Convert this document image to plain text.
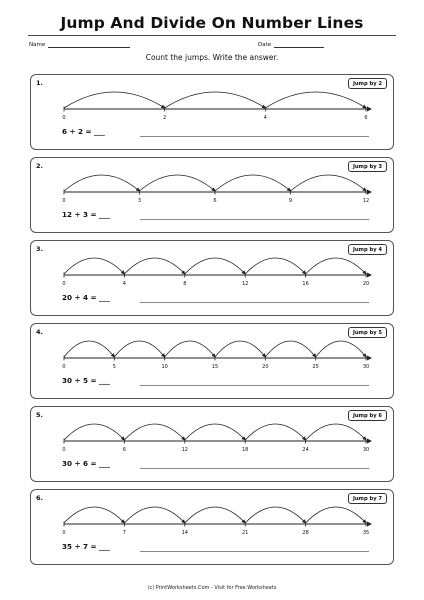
Jump And Divide On Number Lines
Name	Date
Count the jumps. Write the answer.
1.	Jump by 2
0	2	4	6
6 ÷ 2 = ___
2.	Jump by 3
0	3	6	9	12
12 ÷ 3 = ___
3.	Jump by 4
0	4	8	12	16	20
20 ÷ 4 = ___
4.	Jump by 5
0	5	10	15	20	25	30
30 ÷ 5 = ___
5.	Jump by 6
0	6	12	18	24	30
30 ÷ 6 = ___
6.	Jump by 7
0	7	14	21	28	35
35 ÷ 7 = ___
(c) PrintWorksheets.Com - Visit for Free Worksheets
